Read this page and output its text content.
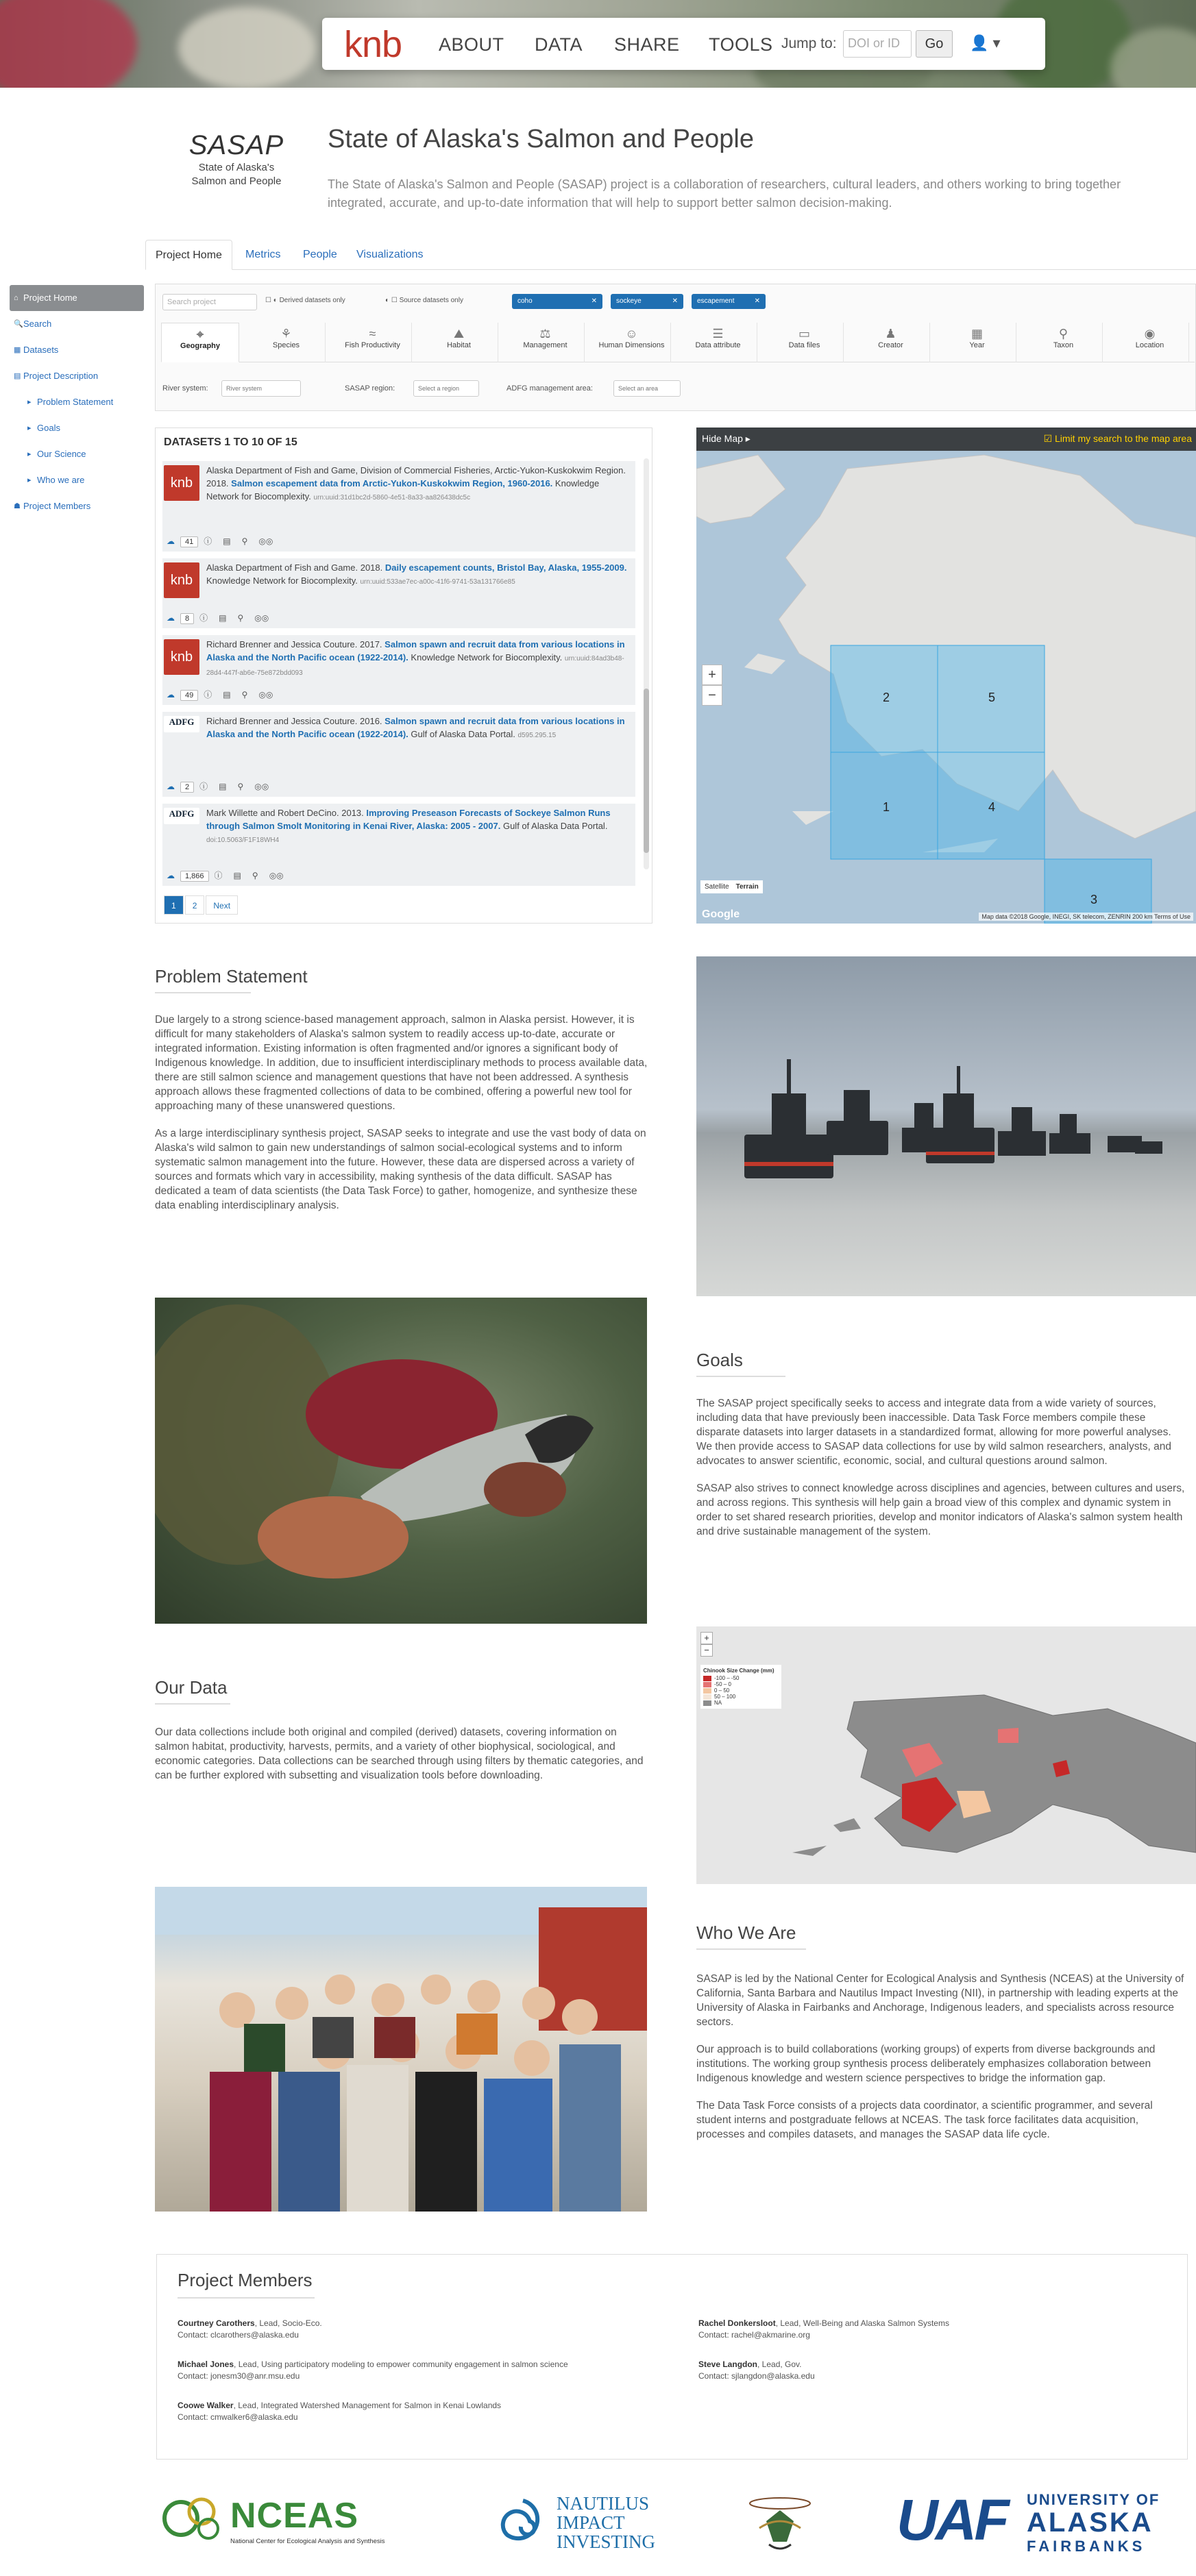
knb ABOUT DATA SHARE TOOLS Jump to: DOI or ID	Go	👤 ▾
SASAP
State of Alaska's
Salmon and People
State of Alaska's Salmon and People
The State of Alaska's Salmon and People (SASAP) project is a collaboration of researchers, cultural leaders, and others working to bring together integrated, accurate, and up-to-date information that will help to support better salmon decision-making.
Project Home	Metrics	People	Visualizations
⌂ Project Home
🔍 Search
▦ Datasets
▤ Project Description
▸ Problem Statement
▸ Goals
▸ Our Science
▸ Who we are
☗ Project Members
Search project	☐ ◐ Derived datasets only	◐ ☐ Source datasets only	coho	✕	sockeye	✕	escapement	✕
⌖
Geography
⚘
Species
≈
Fish Productivity
⛰
Habitat
⚖
Management
☺
Human Dimensions
☰
Data attribute
▭
Data files
♟
Creator
▦
Year
⚲
Taxon
◉
Location
River system:	River system	SASAP region:	Select a region	ADFG management area:	Select an area
DATASETS 1 TO 10 OF 15
knb
Alaska Department of Fish and Game, Division of Commercial Fisheries, Arctic-Yukon-Kuskokwim Region. 2018. Salmon escapement data from Arctic-Yukon-Kuskokwim Region, 1960-2016. Knowledge Network for Biocomplexity. urn:uuid:31d1bc2d-5860-4e51-8a33-aa826438dc5c
☁ 41 ⓘ ▤ ⚲ ◎◎
knb
Alaska Department of Fish and Game. 2018. Daily escapement counts, Bristol Bay, Alaska, 1955-2009. Knowledge Network for Biocomplexity. urn:uuid:533ae7ec-a00c-41f6-9741-53a131766e85
☁ 8 ⓘ ▤ ⚲ ◎◎
knb
Richard Brenner and Jessica Couture. 2017. Salmon spawn and recruit data from various locations in Alaska and the North Pacific ocean (1922-2014). Knowledge Network for Biocomplexity. urn:uuid:84ad3b48-28d4-447f-ab6e-75e872bdd093
☁ 49 ⓘ ▤ ⚲ ◎◎
ADFG	Richard Brenner and Jessica Couture. 2016. Salmon spawn and recruit data from various locations in Alaska and the North Pacific ocean (1922-2014). Gulf of Alaska Data Portal. d595.295.15
☁ 2 ⓘ ▤ ⚲ ◎◎
ADFG	Mark Willette and Robert DeCino. 2013. Improving Preseason Forecasts of Sockeye Salmon Runs through Salmon Smolt Monitoring in Kenai River, Alaska: 2005 - 2007. Gulf of Alaska Data Portal. doi:10.5063/F1F18WH4
☁ 1,866 ⓘ ▤ ⚲ ◎◎
1 2 Next
2	5
1	4
3
Hide Map ▸	☑ Limit my search to the map area
+
−
Satellite Terrain
Google	Map data ©2018 Google, INEGI, SK telecom, ZENRIN 200 km Terms of Use
Problem Statement

Due largely to a strong science-based management approach, salmon in Alaska persist. However, it is difficult for many stakeholders of Alaska's salmon system to readily access up-to-date, accurate or integrated information. Existing information is often fragmented and/or ignores a significant body of Indigenous knowledge. In addition, due to insufficient interdisciplinary methods to process available data, there are still salmon science and management questions that have not been addressed. A synthesis approach allows these fragmented collections of data to be combined, offering a powerful new tool for approaching many of these unanswered questions.

As a large interdisciplinary synthesis project, SASAP seeks to integrate and use the vast body of data on Alaska's wild salmon to gain new understandings of salmon social-ecological systems and to inform systematic salmon management into the future. However, these data are dispersed across a variety of sources and formats which vary in accessibility, making synthesis of the data difficult. SASAP has dedicated a team of data scientists (the Data Task Force) to gather, homogenize, and synthesize these data enabling interdisciplinary analysis.

Goals

The SASAP project specifically seeks to access and integrate data from a wide variety of sources, including data that have previously been inaccessible. Data Task Force members compile these disparate datasets into larger datasets in a standardized format, allowing for more powerful analyses. We then provide access to SASAP data collections for use by wild salmon researchers, analysts, and advocates to answer scientific, economic, social, and cultural questions around salmon.

SASAP also strives to connect knowledge across disciplines and agencies, between cultures and users, and across regions. This synthesis will help gain a broad view of this complex and dynamic system in order to set shared research priorities, develop and monitor indicators of Alaska's salmon system health and drive sustainable management of the system.

+
−
Chinook Size Change (mm)
-100 – -50
-50 – 0
0 – 50
50 – 100
NA
Our Data

Our data collections include both original and compiled (derived) datasets, covering information on salmon habitat, productivity, harvests, permits, and a variety of other biophysical, sociological, and economic categories. Data collections can be searched through using filters by thematic categories, and can be further explored with subsetting and visualization tools before downloading.

Who We Are

SASAP is led by the National Center for Ecological Analysis and Synthesis (NCEAS) at the University of California, Santa Barbara and Nautilus Impact Investing (NII), in partnership with leading experts at the University of Alaska in Fairbanks and Anchorage, Indigenous leaders, and specialists across resource sectors.

Our approach is to build collaborations (working groups) of experts from diverse backgrounds and institutions. The working group synthesis process deliberately emphasizes collaboration between Indigenous knowledge and western science perspectives to bridge the information gap.

The Data Task Force consists of a projects data coordinator, a scientific programmer, and several student interns and postgraduate fellows at NCEAS. The task force facilitates data acquisition, processes and compiles datasets, and manages the SASAP data life cycle.

Project Members
Courtney Carothers, Lead, Socio-Eco.
Contact: clcarothers@alaska.edu
Rachel Donkersloot, Lead, Well-Being and Alaska Salmon Systems
Contact: rachel@akmarine.org
Michael Jones, Lead, Using participatory modeling to empower community engagement in salmon science
Contact: jonesm30@anr.msu.edu
Steve Langdon, Lead, Gov.
Contact: sjlangdon@alaska.edu
Coowe Walker, Lead, Integrated Watershed Management for Salmon in Kenai Lowlands
Contact: cmwalker6@alaska.edu
NCEAS
National Center for Ecological Analysis and Synthesis
NAUTILUS
IMPACT
INVESTING	UAF UNIVERSITY OF
ALASKA
FAIRBANKS
